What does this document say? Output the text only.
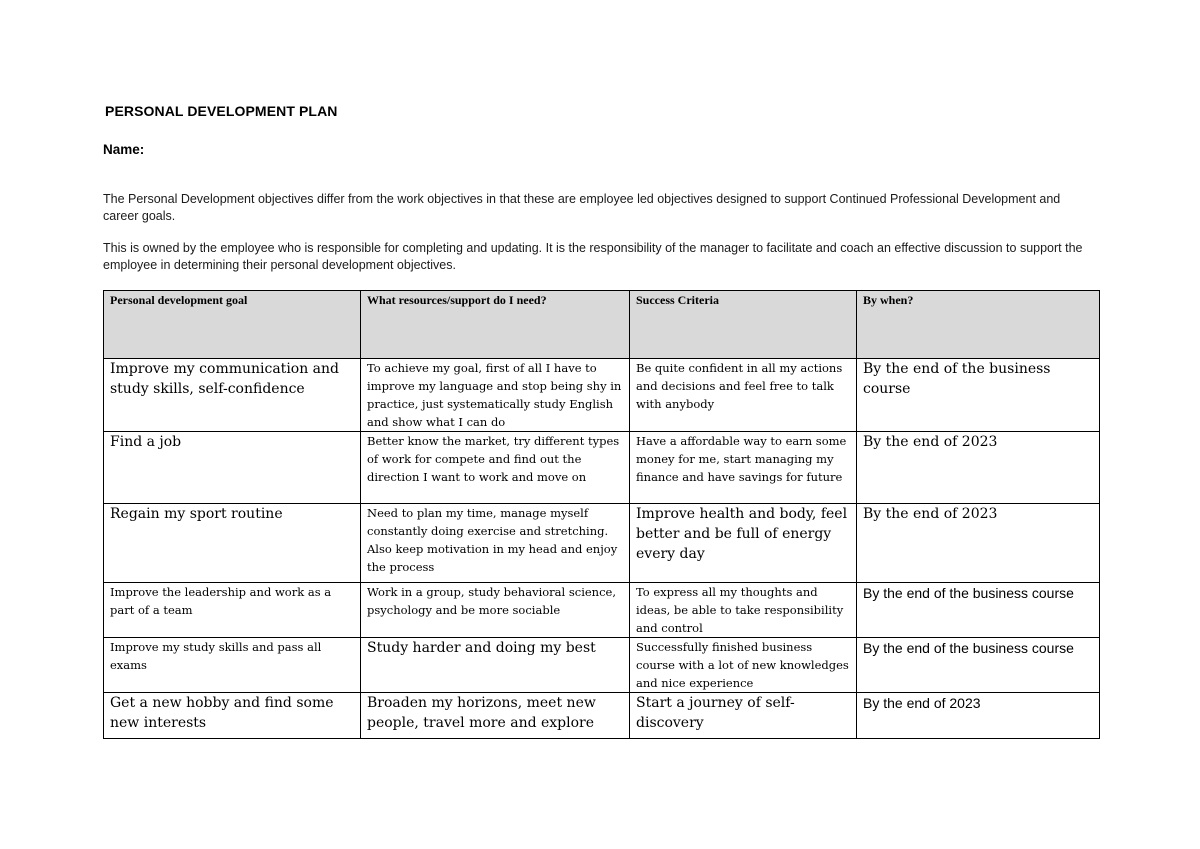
PERSONAL DEVELOPMENT PLAN
Name:
The Personal Development objectives differ from the work objectives in that these are employee led objectives designed to support Continued Professional Development and career goals.
This is owned by the employee who is responsible for completing and updating. It is the responsibility of the manager to facilitate and coach an effective discussion to support the employee in determining their personal development objectives.
Personal development goal	What resources/support do I need?	Success Criteria	By when?
Improve my communication and study skills, self-confidence	To achieve my goal, first of all I have to improve my language and stop being shy in practice, just systematically study English and show what I can do	Be quite confident in all my actions and decisions and feel free to talk with anybody	By the end of the business course
Find a job	Better know the market, try different types of work for compete and find out the direction I want to work and move on	Have a affordable way to earn some money for me, start managing my finance and have savings for future	By the end of 2023
Regain my sport routine	Need to plan my time, manage myself constantly doing exercise and stretching. Also keep motivation in my head and enjoy the process	Improve health and body, feel better and be full of energy every day	By the end of 2023
Improve the leadership and work as a part of a team	Work in a group, study behavioral science, psychology and be more sociable	To express all my thoughts and ideas, be able to take responsibility and control	By the end of the business course
Improve my study skills and pass all exams	Study harder and doing my best	Successfully finished business course with a lot of new knowledges and nice experience	By the end of the business course
Get a new hobby and find some new interests	Broaden my horizons, meet new people, travel more and explore	Start a journey of self-discovery	By the end of 2023
